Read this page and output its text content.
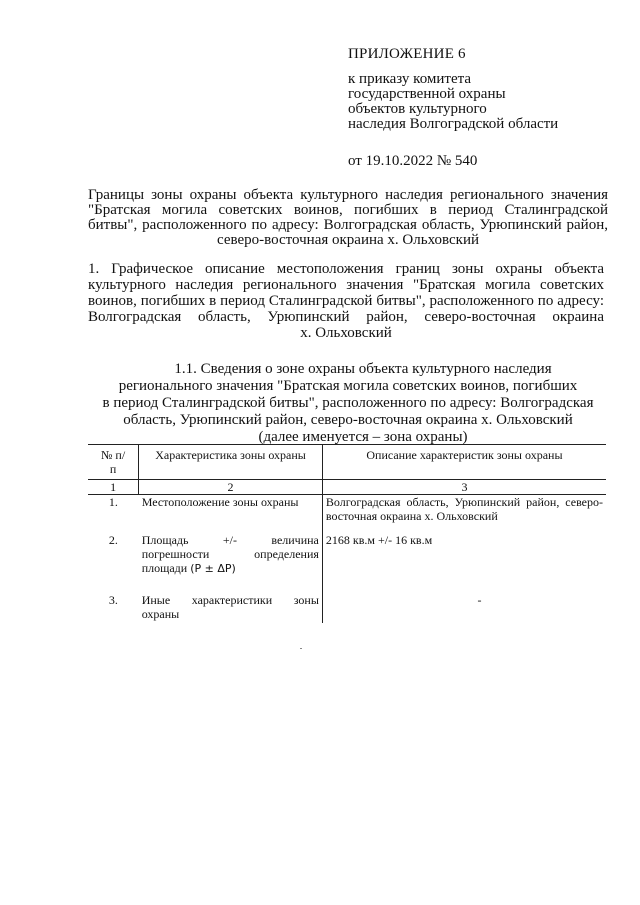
ПРИЛОЖЕНИЕ 6
к приказу комитета
государственной охраны
объектов культурного
наследия Волгоградской области
от 19.10.2022 № 540
Границы зоны охраны объекта культурного наследия регионального значения
"Братская могила советских воинов, погибших в период Сталинградской
битвы", расположенного по адресу: Волгоградская область, Урюпинский район,
северо-восточная окраина х. Ольховский
1. Графическое описание местоположения границ зоны охраны объекта
культурного наследия регионального значения "Братская могила советских
воинов, погибших в период Сталинградской битвы", расположенного по адресу:
Волгоградская область, Урюпинский район, северо-восточная окраина
х. Ольховский
1.1. Сведения о зоне охраны объекта культурного наследия
регионального значения "Братская могила советских воинов, погибших
в период Сталинградской битвы", расположенного по адресу: Волгоградская
область, Урюпинский район, северо-восточная окраина х. Ольховский
(далее именуется – зона охраны)
№ п/п	Характеристика зоны охраны	Описание характеристик зоны охраны
1	2	3
1.	Местоположение зоны охраны	Волгоградская область, Урюпинский район, северо-восточная окраина х. Ольховский

2.	Площадь +/- величина погрешности определения площади (P ± ΔP)	2168 кв.м +/- 16 кв.м

3.	Иные характеристики зоны охраны	-
